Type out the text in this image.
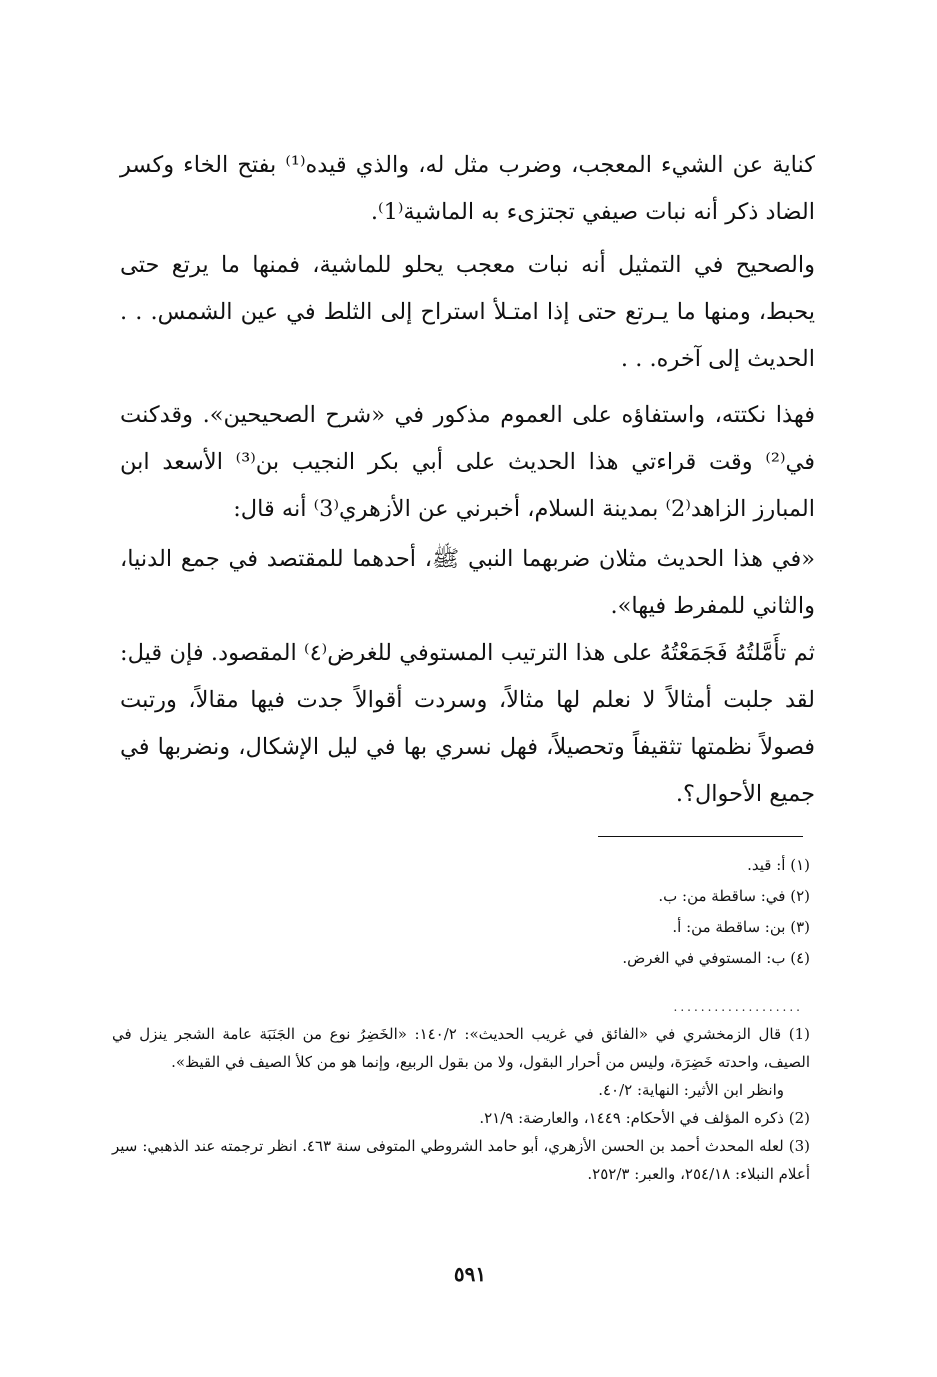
كناية عن الشيء المعجب، وضرب مثل له، والذي قيده⁽¹⁾ بفتح الخاء وكسر الضاد ذكر أنه نبات صيفي تجتزىء به الماشية⁽1⁾.

والصحيح في التمثيل أنه نبات معجب يحلو للماشية، فمنها ما يرتع حتى يحبط، ومنها ما يـرتع حتى إذا امتـلأ استراح إلى الثلط في عين الشمس. . . الحديث إلى آخره. . .

فهذا نكتته، واستفاؤه على العموم مذكور في «شرح الصحيحين». وقدكنت في⁽²⁾ وقت قراءتي هذا الحديث على أبي بكر النجيب بن⁽³⁾ الأسعد ابن المبارز الزاهد⁽2⁾ بمدينة السلام، أخبرني عن الأزهري⁽3⁾ أنه قال:

«في هذا الحديث مثلان ضربهما النبي ﷺ، أحدهما للمقتصد في جمع الدنيا، والثاني للمفرط فيها».

ثم تأَمَّلتُهُ فَجَمَعْتُهُ على هذا الترتيب المستوفي للغرض⁽٤⁾ المقصود. فإن قيل: لقد جلبت أمثالاً لا نعلم لها مثالاً، وسردت أقوالاً جدت فيها مقالاً، ورتبت فصولاً نظمتها تثقيفاً وتحصيلاً، فهل نسري بها في ليل الإشكال، ونضربها في جميع الأحوال؟.

(١) أ: قيد.

(٢) في: ساقطة من: ب.

(٣) بن: ساقطة من: أ.

(٤) ب: المستوفي في الغرض.

...................

(1) قال الزمخشري في «الفائق في غريب الحديث»: ١٤٠/٢: «الخَضِرُ نوع من الجَنَبَة عامة الشجر ينزل في الصيف، واحدته خَضِرَة، وليس من أحرار البقول، ولا من بقول الربيع، وإنما هو من كلأ الصيف في القيظ».

وانظر ابن الأثير: النهاية: ٤٠/٢.

(2) ذكره المؤلف في الأحكام: ١٤٤٩، والعارضة: ٢١/٩.

(3) لعله المحدث أحمد بن الحسن الأزهري، أبو حامد الشروطي المتوفى سنة ٤٦٣. انظر ترجمته عند الذهبي: سير أعلام النبلاء: ٢٥٤/١٨، والعبر: ٢٥٢/٣.

٥٩١
